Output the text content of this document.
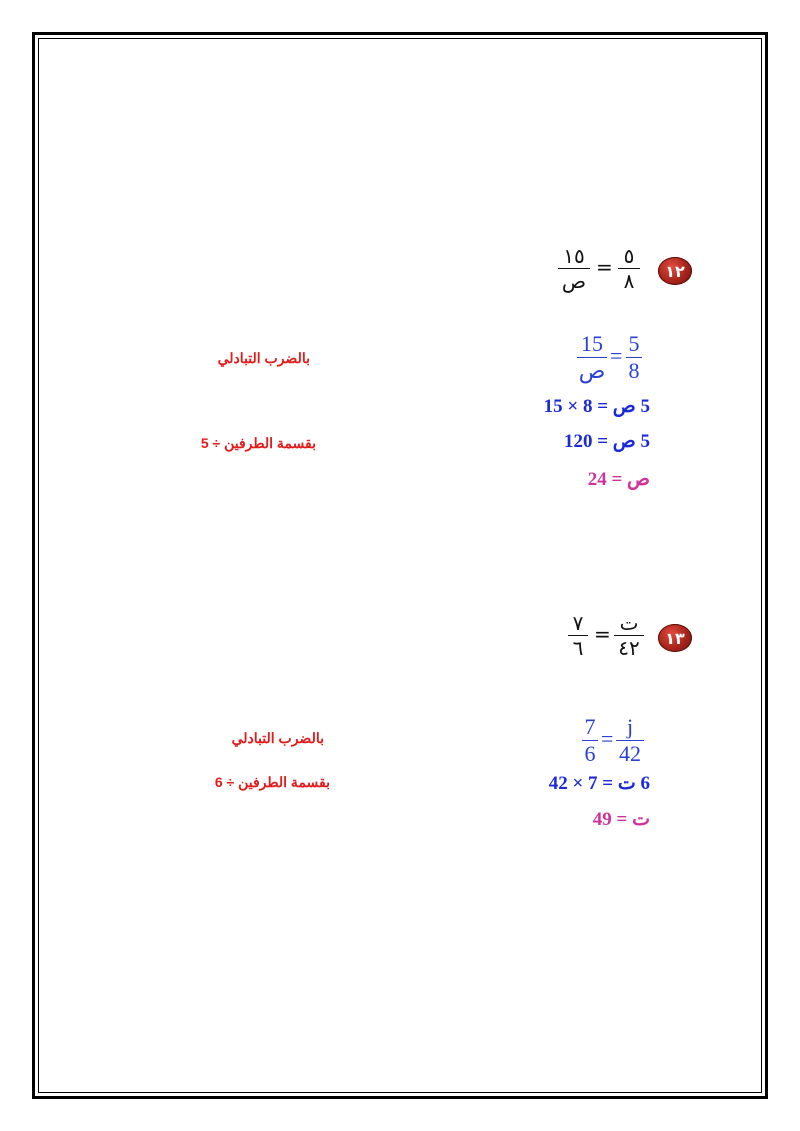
١٢
٥
٨
=
١٥
ص
5
8
=
15
ص
5 ص = 8 × 15
5 ص = 120
ص = 24
بالضرب التبادلي
بقسمة الطرفين ÷ 5
١٣
ت
٤٢
=
٧
٦
j
42
=
7
6
6 ت = 7 × 42
ت = 49
بالضرب التبادلي
بقسمة الطرفين ÷ 6
